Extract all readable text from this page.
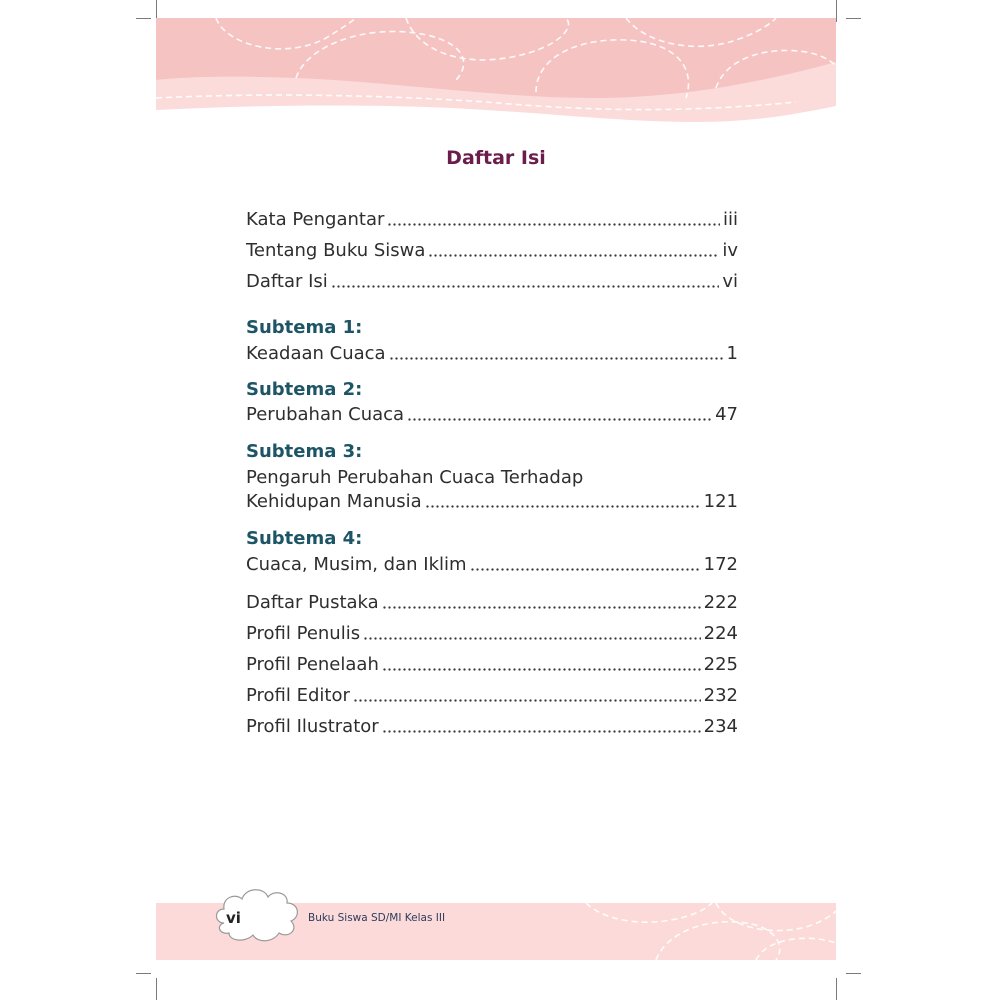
Daftar Isi
Kata Pengantar	iii
Tentang Buku Siswa	iv
Daftar Isi	vi
Subtema 1:
Keadaan Cuaca	1
Subtema 2:
Perubahan Cuaca	47
Subtema 3:
Pengaruh Perubahan Cuaca Terhadap
Kehidupan Manusia	121
Subtema 4:
Cuaca, Musim, dan Iklim	172
Daftar Pustaka	222
Profil Penulis	224
Profil Penelaah	225
Profil Editor	232
Profil Ilustrator	234
vi	Buku Siswa SD/MI Kelas III
